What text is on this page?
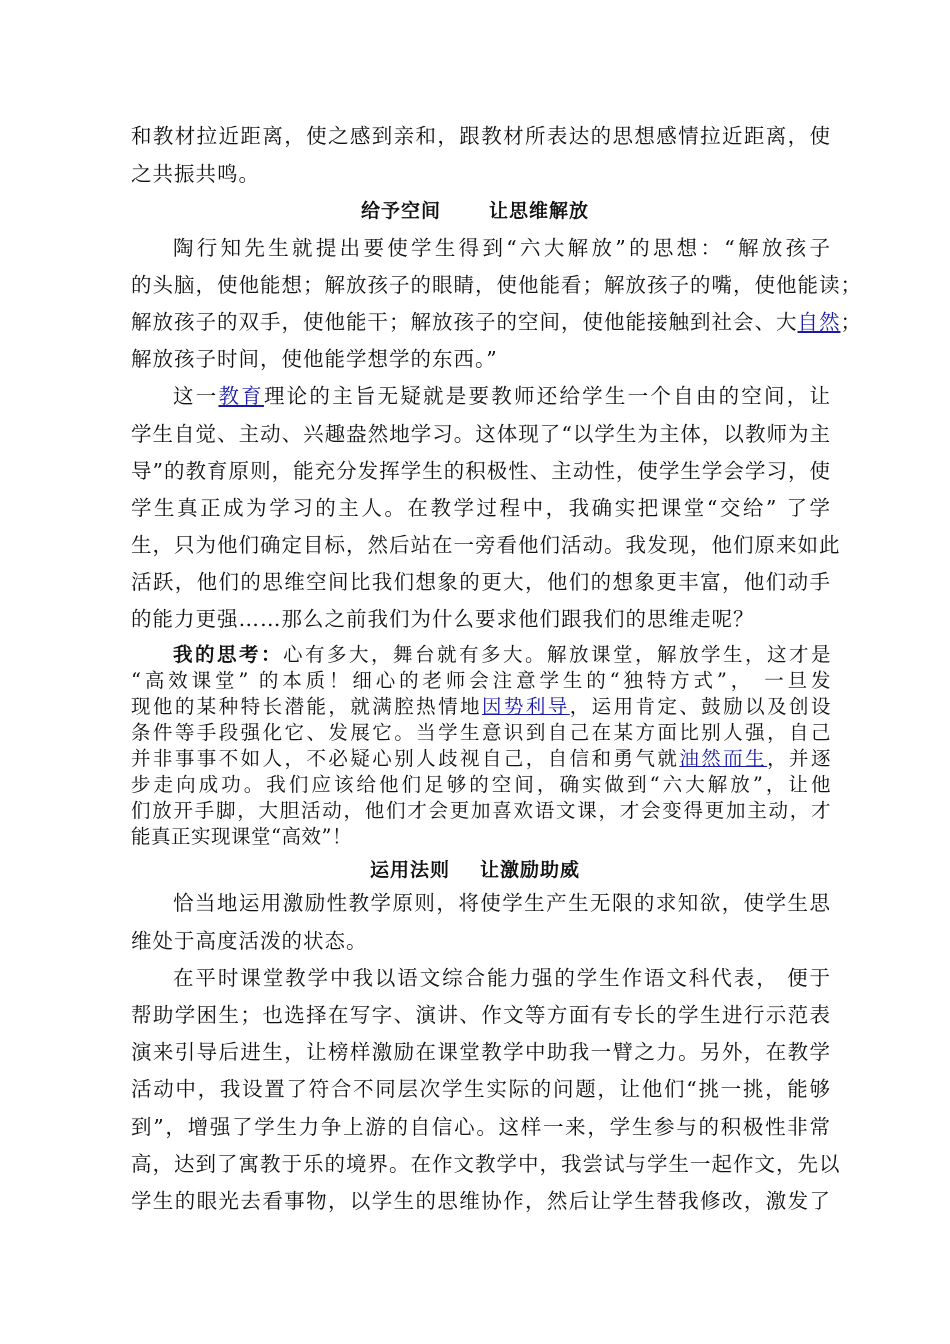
和教材拉近距离，使之感到亲和，跟教材所表达的思想感情拉近距离，使
之共振共鸣。
给予空间	让思维解放
陶行知先生就提出要使学生得到“六大解放”的思想：“解放孩子
的头脑，使他能想；解放孩子的眼睛，使他能看；解放孩子的嘴，使他能读；
解放孩子的双手，使他能干；解放孩子的空间，使他能接触到社会、大自然；
解放孩子时间，使他能学想学的东西。”
这一教育理论的主旨无疑就是要教师还给学生一个自由的空间，让
学生自觉、主动、兴趣盎然地学习。这体现了“以学生为主体，以教师为主
导”的教育原则，能充分发挥学生的积极性、主动性，使学生学会学习，使
学生真正成为学习的主人。在教学过程中，我确实把课堂“交给” 了学
生，只为他们确定目标，然后站在一旁看他们活动。我发现，他们原来如此
活跃，他们的思维空间比我们想象的更大，他们的想象更丰富，他们动手
的能力更强……那么之前我们为什么要求他们跟我们的思维走呢？
我的思考：心有多大，舞台就有多大。解放课堂，解放学生，这才是
“高效课堂” 的本质！细心的老师会注意学生的“独特方式”， 一旦发
现他的某种特长潜能，就满腔热情地因势利导，运用肯定、鼓励以及创设
条件等手段强化它、发展它。当学生意识到自己在某方面比别人强，自己
并非事事不如人，不必疑心别人歧视自己，自信和勇气就油然而生，并逐
步走向成功。我们应该给他们足够的空间，确实做到“六大解放”，让他
们放开手脚，大胆活动，他们才会更加喜欢语文课，才会变得更加主动，才
能真正实现课堂“高效”！
运用法则 让激励助威
恰当地运用激励性教学原则，将使学生产生无限的求知欲，使学生思
维处于高度活泼的状态。
在平时课堂教学中我以语文综合能力强的学生作语文科代表， 便于
帮助学困生；也选择在写字、演讲、作文等方面有专长的学生进行示范表
演来引导后进生，让榜样激励在课堂教学中助我一臂之力。另外，在教学
活动中，我设置了符合不同层次学生实际的问题，让他们“挑一挑，能够
到”，增强了学生力争上游的自信心。这样一来，学生参与的积极性非常
高，达到了寓教于乐的境界。在作文教学中，我尝试与学生一起作文，先以
学生的眼光去看事物，以学生的思维协作，然后让学生替我修改，激发了
